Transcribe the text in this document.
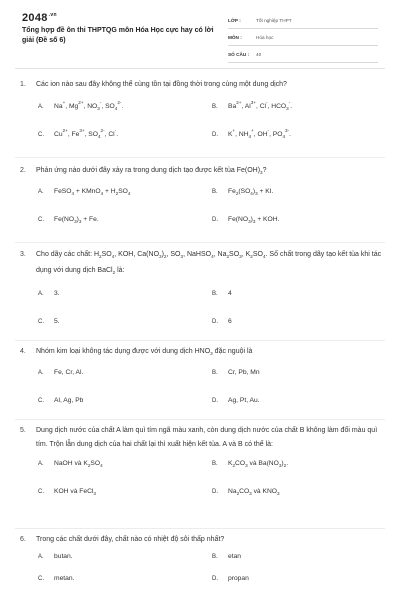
$2048^{.vn}$
Tổng hợp đề ôn thi THPTQG môn Hóa Học cực hay có lời giải (Đề số 6)
LỚP :	Tốt nghiệp THPT
MÔN :	Hóa học
SỐ CÂU : 40
1. Các ion nào sau đây không thể cùng tồn tại đồng thời trong cùng một dung dịch?
A. Na+, $Mg^{2+}$, $NO_3^-$, $SO_4^{2-}$.	B. $Ba^{2+}$, $Al^{3+}$, Cl-, $HCO_3^-$.
C. $Cu^{2+}$, $Fe^{3+}$, $SO_4^{2-}$, Cl-.	D. K+, $NH_4^+$, OH-, $PO_4^{3-}$.
2. Phản ứng nào dưới đây xảy ra trong dung dịch tạo được kết tủa $Fe(OH)_3$?
A. FeSO$_4$ + KMnO$_4$ + $H_2SO_4$	B. $Fe_2(SO_4)_3$ + KI.
C. $Fe(NO_3)_3 + Fe$.	D. $Fe(NO_3)_3$ + KOH.
3. Cho dãy các chất: $H_2SO_4$, KOH, $Ca(NO_3)_2$, $SO_3$, NaHSO$_4$, $Na_2SO_3$, $K_2SO_4$. Số chất trong dãy tạo kết tủa khi tác dụng với dung dịch BaCl$_2$ là:
A. 3.	B. 4
C. 5.	D. 6
4. Nhóm kim loại không tác dụng được với dung dịch $HNO_3$ đặc nguội là
A. Fe, Cr, Al.	B. Cr, Pb, Mn
C. Al, Ag, Pb	D. Ag, Pt, Au.
5. Dung dịch nước của chất A làm quì tím ngã màu xanh, còn dung dịch nước của chất B không làm đổi màu quì tím. Trộn lẫn dung dịch của hai chất lại thì xuất hiện kết tủa. A và B có thể là:
A. NaOH và $K_2SO_4$	B. $K_2CO_3$ và $Ba(NO_3)_2$.
C. KOH và FeCl$_3$	D. $Na_2CO_3$ và $KNO_3$
6. Trong các chất dưới đây, chất nào có nhiệt độ sôi thấp nhất?
A. butan.	B. etan
C. metan.	D. propan
